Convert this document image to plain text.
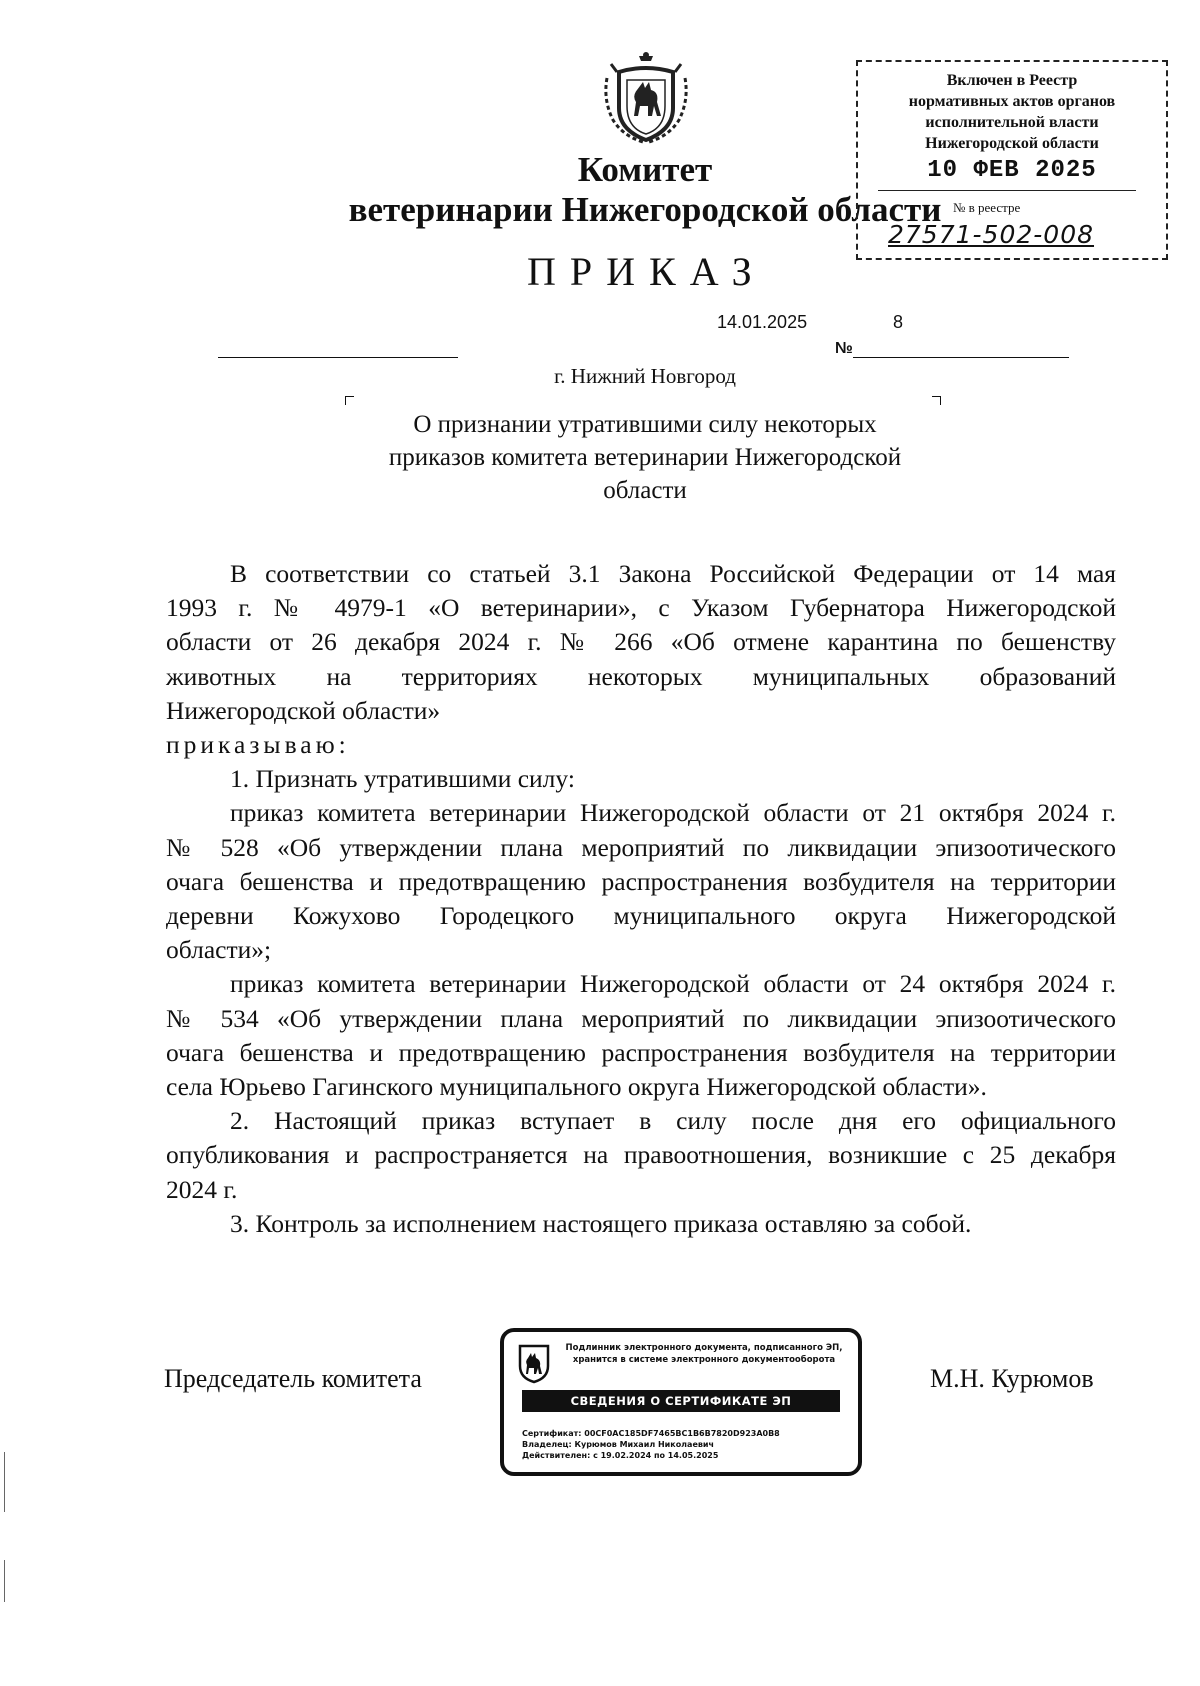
Комитет
ветеринарии Нижегородской области
ПРИКАЗ
Включен в Реестр
нормативных актов органов
исполнительной власти
Нижегородской области
10 ФЕВ 2025
№ в реестре
27571-502-008
14.01.2025	8
№
г. Нижний Новгород
О признании утратившими силу некоторых
приказов комитета ветеринарии Нижегородской
области

В соответствии со статьей 3.1 Закона Российской Федерации от 14 мая

1993 г. № 4979-1 «О ветеринарии», с Указом Губернатора Нижегородской

области от 26 декабря 2024 г. № 266 «Об отмене карантина по бешенству

животных на территориях некоторых муниципальных образований

Нижегородской области»

приказываю:

1. Признать утратившими силу:

приказ комитета ветеринарии Нижегородской области от 21 октября 2024 г.

№ 528 «Об утверждении плана мероприятий по ликвидации эпизоотического

очага бешенства и предотвращению распространения возбудителя на территории

деревни Кожухово Городецкого муниципального округа Нижегородской

области»;

приказ комитета ветеринарии Нижегородской области от 24 октября 2024 г.

№ 534 «Об утверждении плана мероприятий по ликвидации эпизоотического

очага бешенства и предотвращению распространения возбудителя на территории

села Юрьево Гагинского муниципального округа Нижегородской области».

2. Настоящий приказ вступает в силу после дня его официального

опубликования и распространяется на правоотношения, возникшие с 25 декабря

2024 г.

3. Контроль за исполнением настоящего приказа оставляю за собой.

Председатель комитета	М.Н. Курюмов
Подлинник электронного документа, подписанного ЭП,
хранится в системе электронного документооборота
СВЕДЕНИЯ О СЕРТИФИКАТЕ ЭП
Сертификат: 00CF0AC185DF7465BC1B6B7820D923A0B8
Владелец: Курюмов Михаил Николаевич
Действителен: с 19.02.2024 по 14.05.2025
